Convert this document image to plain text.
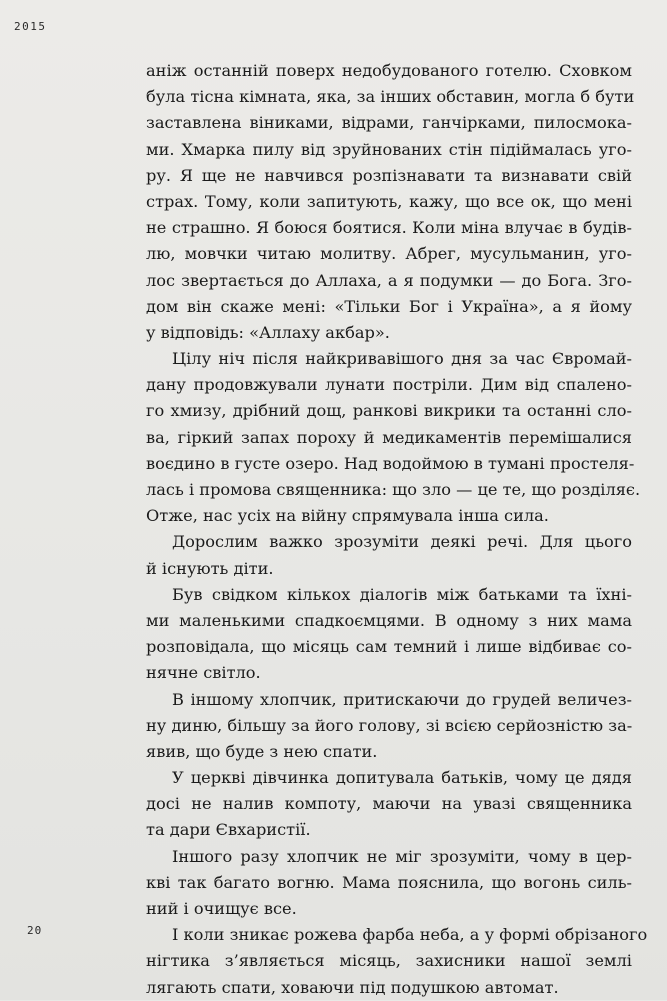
2015
аніж останній поверх недобудованого готелю. Сховком
була тісна кімната, яка, за інших обставин, могла б бути
заставлена віниками, відрами, ганчірками, пилосмока-
ми. Хмарка пилу від зруйнованих стін підіймалась уго-
ру. Я ще не навчився розпізнавати та визнавати свій
страх. Тому, коли запитують, кажу, що все ок, що мені
не страшно. Я боюся боятися. Коли міна влучає в будів-
лю, мовчки читаю молитву. Абрег, мусульманин, уго-
лос звертається до Аллаха, а я подумки — до Бога. Зго-
дом він скаже мені: «Тільки Бог і Україна», а я йому
у відповідь: «Аллаху акбар».
Цілу ніч після найкривавішого дня за час Євромай-
дану продовжували лунати постріли. Дим від спалено-
го хмизу, дрібний дощ, ранкові викрики та останні сло-
ва, гіркий запах пороху й медикаментів перемішалися
воєдино в густе озеро. Над водоймою в тумані простеля-
лась і промова священника: що зло — це те, що розділяє.
Отже, нас усіх на війну спрямувала інша сила.
Дорослим важко зрозуміти деякі речі. Для цього
й існують діти.
Був свідком кількох діалогів між батьками та їхні-
ми маленькими спадкоємцями. В одному з них мама
розповідала, що місяць сам темний і лише відбиває со-
нячне світло.
В іншому хлопчик, притискаючи до грудей величез-
ну диню, більшу за його голову, зі всією серйозністю за-
явив, що буде з нею спати.
У церкві дівчинка допитувала батьків, чому це дядя
досі не налив компоту, маючи на увазі священника
та дари Євхаристії.
Іншого разу хлопчик не міг зрозуміти, чому в цер-
кві так багато вогню. Мама пояснила, що вогонь силь-
ний і очищує все.
І коли зникає рожева фарба неба, а у формі обрізаного
нігтика з’являється місяць, захисники нашої землі
лягають спати, ховаючи під подушкою автомат.
20
